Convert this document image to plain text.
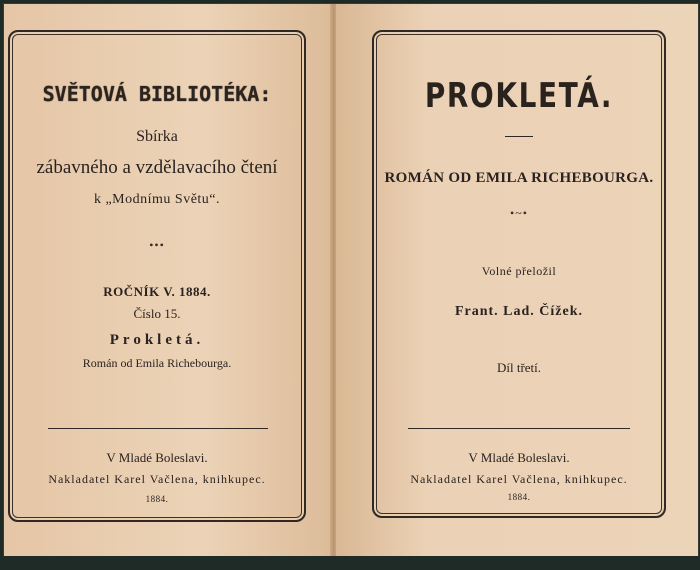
SVĚTOVÁ BIBLIOTÉKA:
Sbírka
zábavného a vzdělavacího čtení
k „Modnímu Světu“.
•••
ROČNÍK V. 1884.
Číslo 15.
Prokletá.
Román od Emila Richebourga.
V Mladé Boleslavi.
Nakladatel Karel Vačlena, knihkupec.
1884.
PROKLETÁ.
ROMÁN OD EMILA RICHEBOURGA.
•~•
Volné přeložil
Frant. Lad. Čížek.
Díl třetí.
V Mladé Boleslavi.
Nakladatel Karel Vačlena, knihkupec.
1884.
